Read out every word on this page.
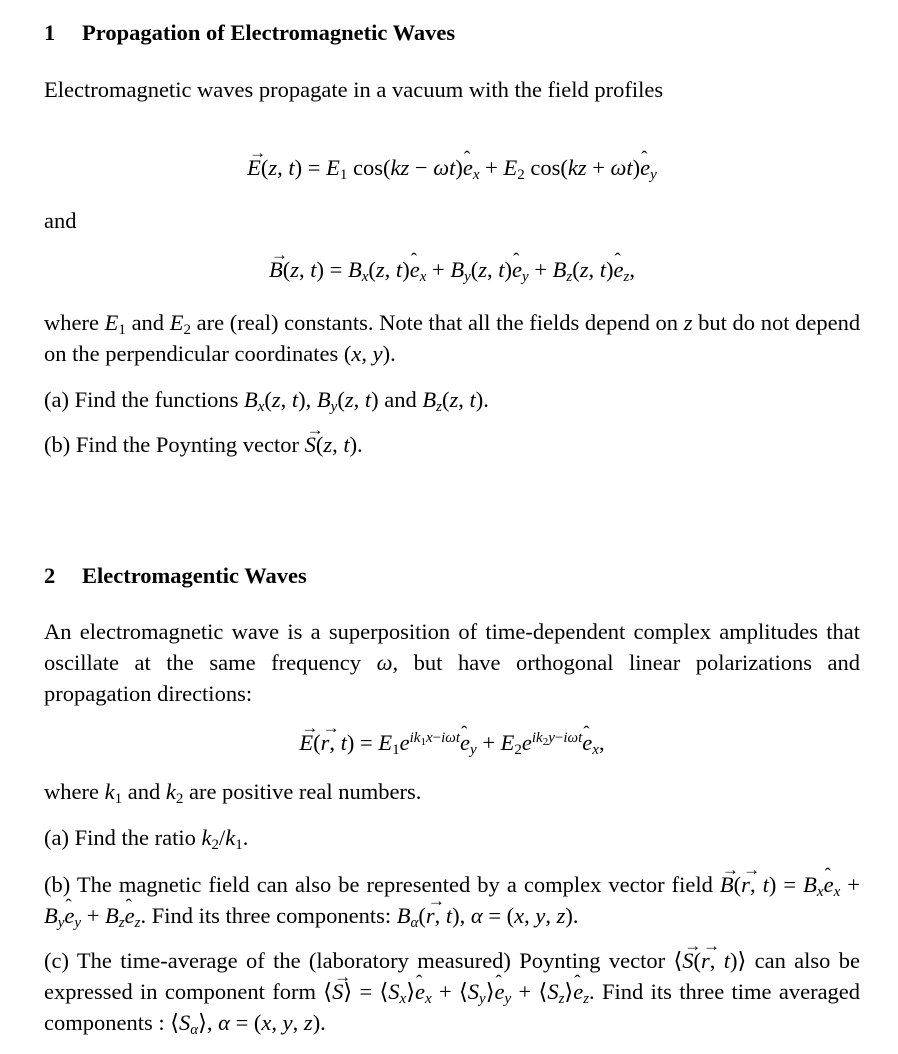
1 Propagation of Electromagnetic Waves

Electromagnetic waves propagate in a vacuum with the field profiles

→ E(z, $t) = E_1$ cos(kz − ωt)ˆ $e_x + E_2$ cos(kz + ωt)ˆ $e_y$

and

→ B(z, $t) = B_x(z$, t)ˆ $e_x + B_y(z$, t)ˆ $e_y + B_z(z$, t)ˆ $e_z$,

where $E_1$ and $E_2$ are (real) constants. Note that all the fields depend on z but do not depend on the perpendicular coordinates (x, y).

(a) Find the functions $B_x(z$, t), $B_y(z$, t) and $B_z(z$, t).

(b) Find the Poynting vector → S(z, t).

2 Electromagentic Waves

An electromagnetic wave is a superposition of time-dependent complex amplitudes that oscillate at the same frequency ω, but have orthogonal linear polarizations and propagation directions:

→ E(→ r, $t) = E_1e^{ik_1x-i\omega t}ˆ$ $e_y$ + $E_2e^{ik_2y-i\omega t}ˆ$ $e_x$,

where $k_1$ and $k_2$ are positive real numbers.

(a) Find the ratio $k_2/k_1$.

(b) The magnetic field can also be represented by a complex vector field → B(→ r, $t) = B_xˆ$ $e_x$ + $B_yˆ$ $e_y$ + $B_zˆ$ $e_z$. Find its three components: $B_\alpha(\to r$, t), α = (x, y, z).

(c) The time-average of the (laboratory measured) Poynting vector ⟨→ S(→ r, t)⟩ can also be expressed in component form ⟨→ S⟩ = $⟨S_x⟩ˆ$ $e_x$ + $⟨S_y⟩ˆ$ $e_y$ + $⟨S_z⟩ˆ$ $e_z$. Find its three time averaged components : $⟨S_\alpha⟩$, α = (x, y, z).
